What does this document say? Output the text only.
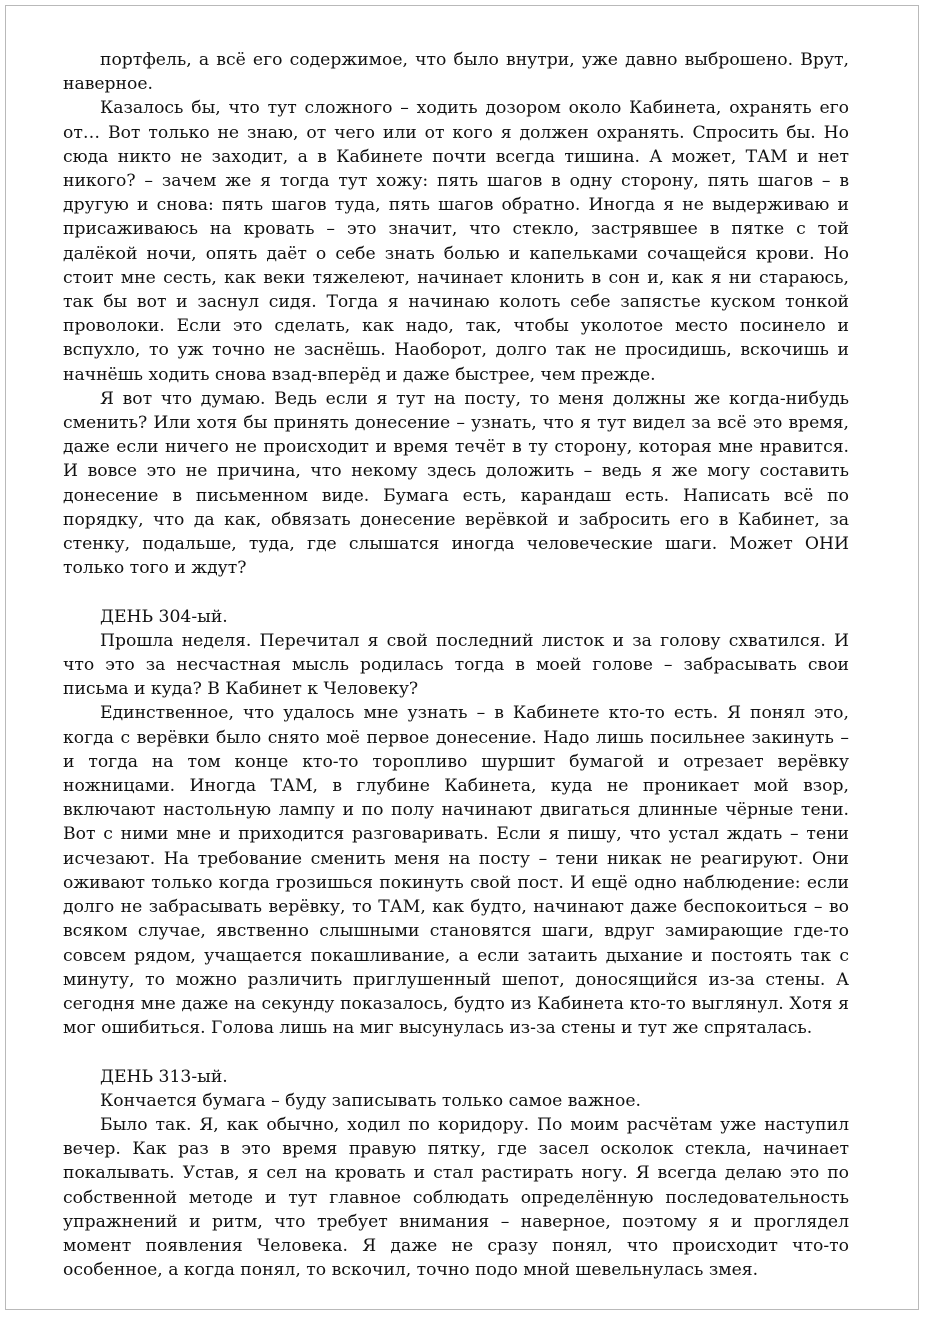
портфель, а всё его содержимое, что было внутри, уже давно выброшено. Врут, наверное.

Казалось бы, что тут сложного – ходить дозором около Кабинета, охранять его от… Вот только не знаю, от чего или от кого я должен охранять. Спросить бы. Но сюда никто не заходит, а в Кабинете почти всегда тишина. А может, ТАМ и нет никого? – зачем же я тогда тут хожу: пять шагов в одну сторону, пять шагов – в другую и снова: пять шагов туда, пять шагов обратно. Иногда я не выдерживаю и присаживаюсь на кровать – это значит, что стекло, застрявшее в пятке с той далёкой ночи, опять даёт о себе знать болью и капельками сочащейся крови. Но стоит мне сесть, как веки тяжелеют, начинает клонить в сон и, как я ни стараюсь, так бы вот и заснул сидя. Тогда я начинаю колоть себе запястье куском тонкой проволоки. Если это сделать, как надо, так, чтобы уколотое место посинело и вспухло, то уж точно не заснёшь. Наоборот, долго так не просидишь, вскочишь и начнёшь ходить снова взад-вперёд и даже быстрее, чем прежде.

Я вот что думаю. Ведь если я тут на посту, то меня должны же когда-нибудь сменить? Или хотя бы принять донесение – узнать, что я тут видел за всё это время, даже если ничего не происходит и время течёт в ту сторону, которая мне нравится. И вовсе это не причина, что некому здесь доложить – ведь я же могу составить донесение в письменном виде. Бумага есть, карандаш есть. Написать всё по порядку, что да как, обвязать донесение верёвкой и забросить его в Кабинет, за стенку, подальше, туда, где слышатся иногда человеческие шаги. Может ОНИ только того и ждут?

ДЕНЬ 304-ый.

Прошла неделя. Перечитал я свой последний листок и за голову схватился. И что это за несчастная мысль родилась тогда в моей голове – забрасывать свои письма и куда? В Кабинет к Человеку?

Единственное, что удалось мне узнать – в Кабинете кто-то есть. Я понял это, когда с верёвки было снято моё первое донесение. Надо лишь посильнее закинуть – и тогда на том конце кто-то торопливо шуршит бумагой и отрезает верёвку ножницами. Иногда ТАМ, в глубине Кабинета, куда не проникает мой взор, включают настольную лампу и по полу начинают двигаться длинные чёрные тени. Вот с ними мне и приходится разговаривать. Если я пишу, что устал ждать – тени исчезают. На требование сменить меня на посту – тени никак не реагируют. Они оживают только когда грозишься покинуть свой пост. И ещё одно наблюдение: если долго не забрасывать верёвку, то ТАМ, как будто, начинают даже беспокоиться – во всяком случае, явственно слышными становятся шаги, вдруг замирающие где-то совсем рядом, учащается покашливание, а если затаить дыхание и постоять так с минуту, то можно различить приглушенный шепот, доносящийся из-за стены. А сегодня мне даже на секунду показалось, будто из Кабинета кто-то выглянул. Хотя я мог ошибиться. Голова лишь на миг высунулась из-за стены и тут же спряталась.

ДЕНЬ 313-ый.

Кончается бумага – буду записывать только самое важное.

Было так. Я, как обычно, ходил по коридору. По моим расчётам уже наступил вечер. Как раз в это время правую пятку, где засел осколок стекла, начинает покалывать. Устав, я сел на кровать и стал растирать ногу. Я всегда делаю это по собственной методе и тут главное соблюдать определённую последовательность упражнений и ритм, что требует внимания – наверное, поэтому я и проглядел момент появления Человека. Я даже не сразу понял, что происходит что-то особенное, а когда понял, то вскочил, точно подо мной шевельнулась змея.
